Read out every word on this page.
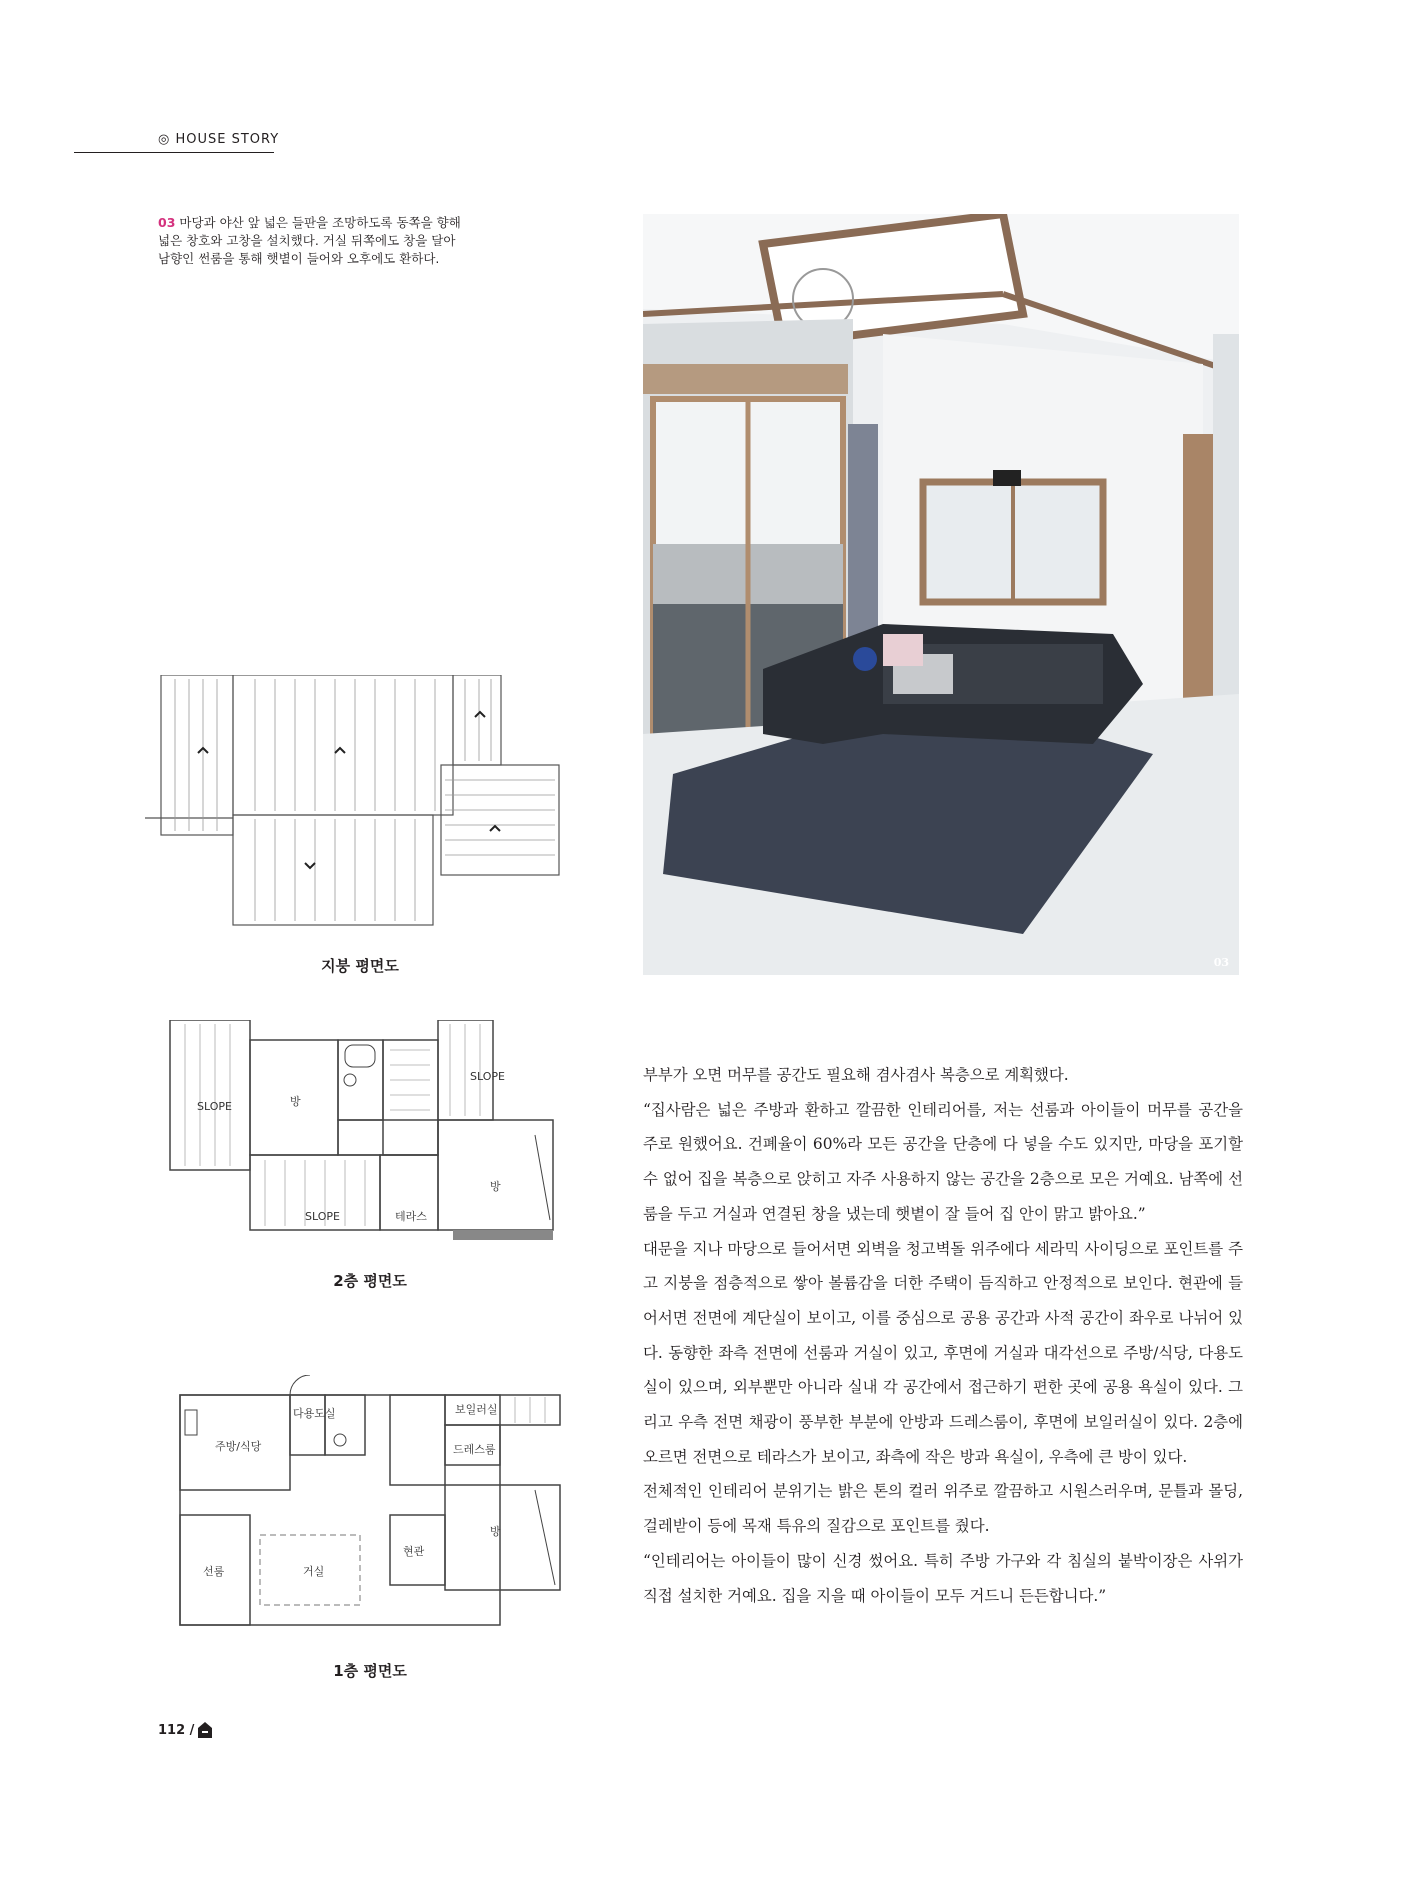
◎ HOUSE STORY
03 마당과 야산 앞 넓은 들판을 조망하도록 동쪽을 향해 넓은 창호와 고창을 설치했다. 거실 뒤쪽에도 창을 달아 남향인 썬룸을 통해 햇볕이 들어와 오후에도 환하다.
03
지붕 평면도
SLOPE
SLOPE
SLOPE
방
방
테라스
2층 평면도
주방/식당
다용도실	보일러실
드레스룸
방
선룸	거실
현관
1층 평면도

부부가 오면 머무를 공간도 필요해 겸사겸사 복층으로 계획했다.

“집사람은 넓은 주방과 환하고 깔끔한 인테리어를, 저는 선룸과 아이들이 머무를 공간을 주로 원했어요. 건폐율이 60%라 모든 공간을 단층에 다 넣을 수도 있지만, 마당을 포기할 수 없어 집을 복층으로 앉히고 자주 사용하지 않는 공간을 2층으로 모은 거예요. 남쪽에 선룸을 두고 거실과 연결된 창을 냈는데 햇볕이 잘 들어 집 안이 맑고 밝아요.”

대문을 지나 마당으로 들어서면 외벽을 청고벽돌 위주에다 세라믹 사이딩으로 포인트를 주고 지붕을 점층적으로 쌓아 볼륨감을 더한 주택이 듬직하고 안정적으로 보인다. 현관에 들어서면 전면에 계단실이 보이고, 이를 중심으로 공용 공간과 사적 공간이 좌우로 나뉘어 있다. 동향한 좌측 전면에 선룸과 거실이 있고, 후면에 거실과 대각선으로 주방/식당, 다용도실이 있으며, 외부뿐만 아니라 실내 각 공간에서 접근하기 편한 곳에 공용 욕실이 있다. 그리고 우측 전면 채광이 풍부한 부분에 안방과 드레스룸이, 후면에 보일러실이 있다. 2층에 오르면 전면으로 테라스가 보이고, 좌측에 작은 방과 욕실이, 우측에 큰 방이 있다.

전체적인 인테리어 분위기는 밝은 톤의 컬러 위주로 깔끔하고 시원스러우며, 문틀과 몰딩, 걸레받이 등에 목재 특유의 질감으로 포인트를 줬다.

“인테리어는 아이들이 많이 신경 썼어요. 특히 주방 가구와 각 침실의 붙박이장은 사위가 직접 설치한 거예요. 집을 지을 때 아이들이 모두 거드니 든든합니다.”

112 /
